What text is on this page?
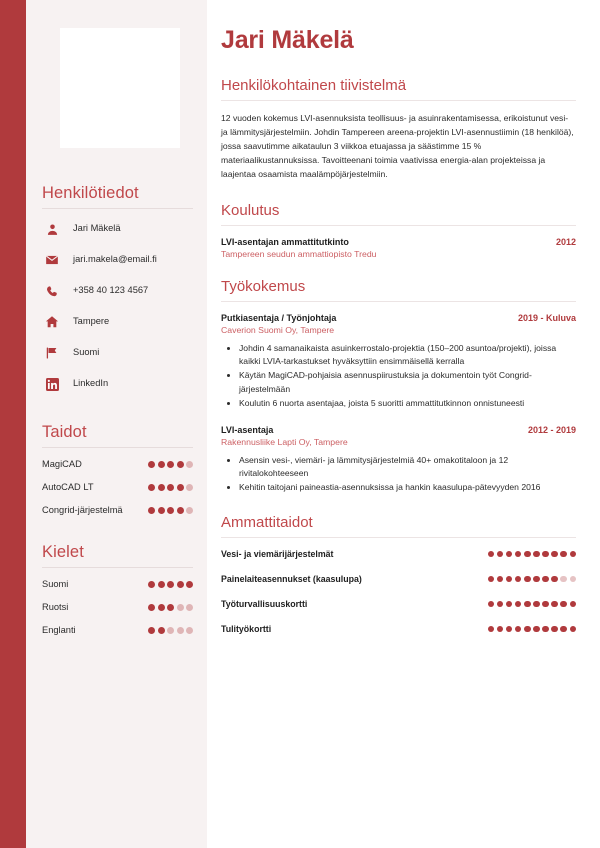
Henkilötiedot
Jari Mäkelä
jari.makela@email.fi
+358 40 123 4567
Tampere
Suomi
LinkedIn
Taidot
MagiCAD
AutoCAD LT
Congrid-järjestelmä
Kielet
Suomi
Ruotsi
Englanti
Jari Mäkelä
Henkilökohtainen tiivistelmä

12 vuoden kokemus LVI-asennuksista teollisuus- ja asuinrakentamisessa, erikoistunut vesi- ja lämmitysjärjestelmiin. Johdin Tampereen areena-projektin LVI-asennustiimin (18 henkilöä), jossa saavutimme aikataulun 3 viikkoa etuajassa ja säästimme 15 % materiaalikustannuksissa. Tavoitteenani toimia vaativissa energia-alan projekteissa ja laajentaa osaamista maalämpöjärjestelmiin.

Koulutus
LVI-asentajan ammattitutkinto	2012
Tampereen seudun ammattiopisto Tredu
Työkokemus
Putkiasentaja / Työnjohtaja	2019 - Kuluva
Caverion Suomi Oy, Tampere
• Johdin 4 samanaikaista asuinkerrostalo-projektia (150–200 asuntoa/projekti), joissa kaikki LVIA-tarkastukset hyväksyttiin ensimmäisellä kerralla
• Käytän MagiCAD-pohjaisia asennuspiirustuksia ja dokumentoin työt Congrid-järjestelmään
• Koulutin 6 nuorta asentajaa, joista 5 suoritti ammattitutkinnon onnistuneesti
LVI-asentaja	2012 - 2019
Rakennusliike Lapti Oy, Tampere
• Asensin vesi-, viemäri- ja lämmitysjärjestelmiä 40+ omakotitaloon ja 12 rivitalokohteeseen
• Kehitin taitojani paineastia-asennuksissa ja hankin kaasulupa-pätevyyden 2016
Ammattitaidot
Vesi- ja viemärijärjestelmät
Painelaiteasennukset (kaasulupa)
Työturvallisuuskortti
Tulityökortti
